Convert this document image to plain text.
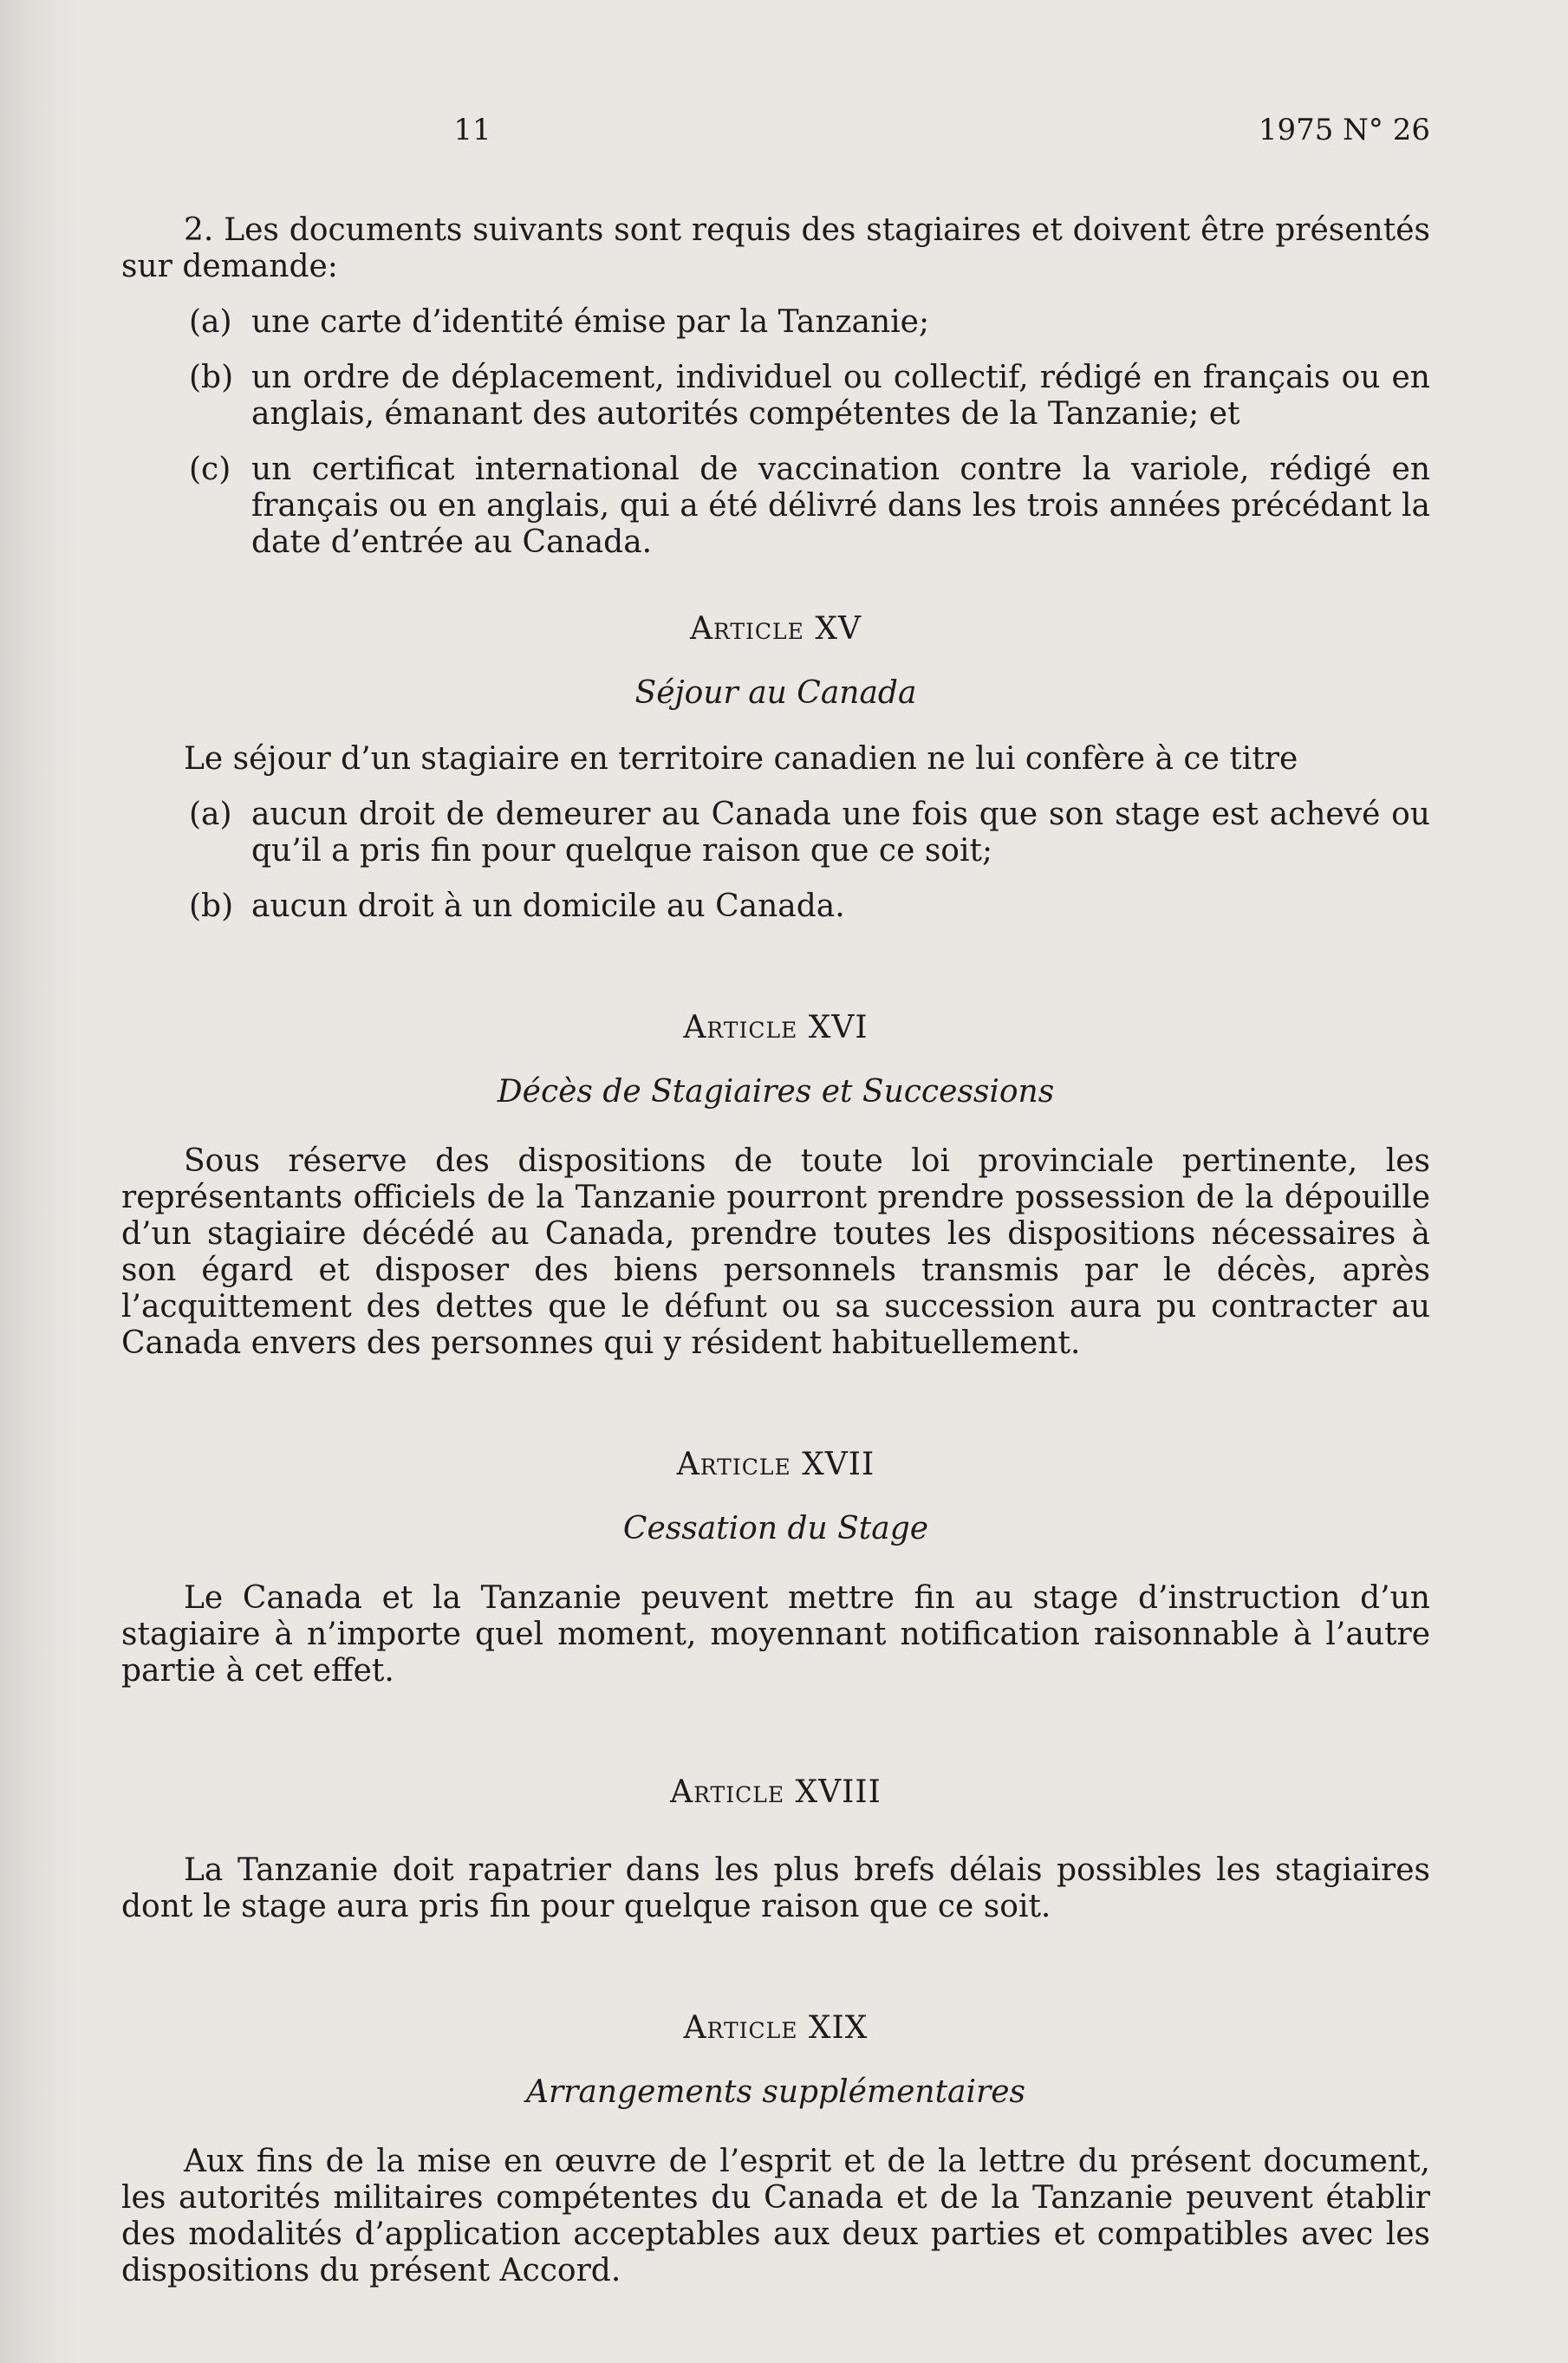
11	1975 N° 26

2. Les documents suivants sont requis des stagiaires et doivent être présentés sur demande:

(a) une carte d’identité émise par la Tanzanie;
(b) un ordre de déplacement, individuel ou collectif, rédigé en français ou en anglais, émanant des autorités compétentes de la Tanzanie; et
(c) un certificat international de vaccination contre la variole, rédigé en français ou en anglais, qui a été délivré dans les trois années précédant la date d’entrée au Canada.
Article XV
Séjour au Canada

Le séjour d’un stagiaire en territoire canadien ne lui confère à ce titre

(a) aucun droit de demeurer au Canada une fois que son stage est achevé ou qu’il a pris fin pour quelque raison que ce soit;
(b) aucun droit à un domicile au Canada.
Article XVI
Décès de Stagiaires et Successions

Sous réserve des dispositions de toute loi provinciale pertinente, les représentants officiels de la Tanzanie pourront prendre possession de la dépouille d’un stagiaire décédé au Canada, prendre toutes les dispositions nécessaires à son égard et disposer des biens personnels transmis par le décès, après l’acquittement des dettes que le défunt ou sa succession aura pu contracter au Canada envers des personnes qui y résident habituellement.

Article XVII
Cessation du Stage

Le Canada et la Tanzanie peuvent mettre fin au stage d’instruction d’un stagiaire à n’importe quel moment, moyennant notification raisonnable à l’autre partie à cet effet.

Article XVIII

La Tanzanie doit rapatrier dans les plus brefs délais possibles les stagiaires dont le stage aura pris fin pour quelque raison que ce soit.

Article XIX
Arrangements supplémentaires

Aux fins de la mise en œuvre de l’esprit et de la lettre du présent document, les autorités militaires compétentes du Canada et de la Tanzanie peuvent établir des modalités d’application acceptables aux deux parties et compatibles avec les dispositions du présent Accord.
